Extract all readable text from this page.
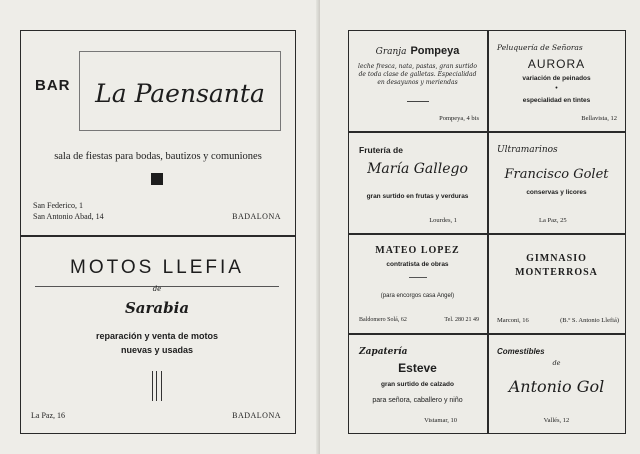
BAR La Paensanta
sala de fiestas para bodas, bautizos y comuniones
San Federico, 1
San Antonio Abad, 14	BADALONA
MOTOS LLEFIA
de
Sarabia
reparación y venta de motos
nuevas y usadas
La Paz, 16	BADALONA
Granja Pompeya
leche fresca, nata, pastas, gran surtido
de toda clase de galletas. Especialidad
en desayunos y meriendas
Pompeya, 4 bis
Peluquería de Señoras
AURORA
variación de peinados
•
especialidad en tintes
Bellavista, 12
Frutería de
María Gallego
gran surtido en frutas y verduras
Lourdes, 1
Ultramarinos
Francisco Golet
conservas y licores
La Paz, 25
MATEO LOPEZ
contratista de obras
(para encorgos casa Angel)
Baldomero Solá, 62	Tel. 280 21 49
GIMNASIO
MONTERROSA
Marconi, 16	(B.º S. Antonio Llefiá)
Zapatería
Esteve
gran surtido de calzado
para señora, caballero y niño
Vistamar, 10
Comestibles
de
Antonio Gol
Vallés, 12
